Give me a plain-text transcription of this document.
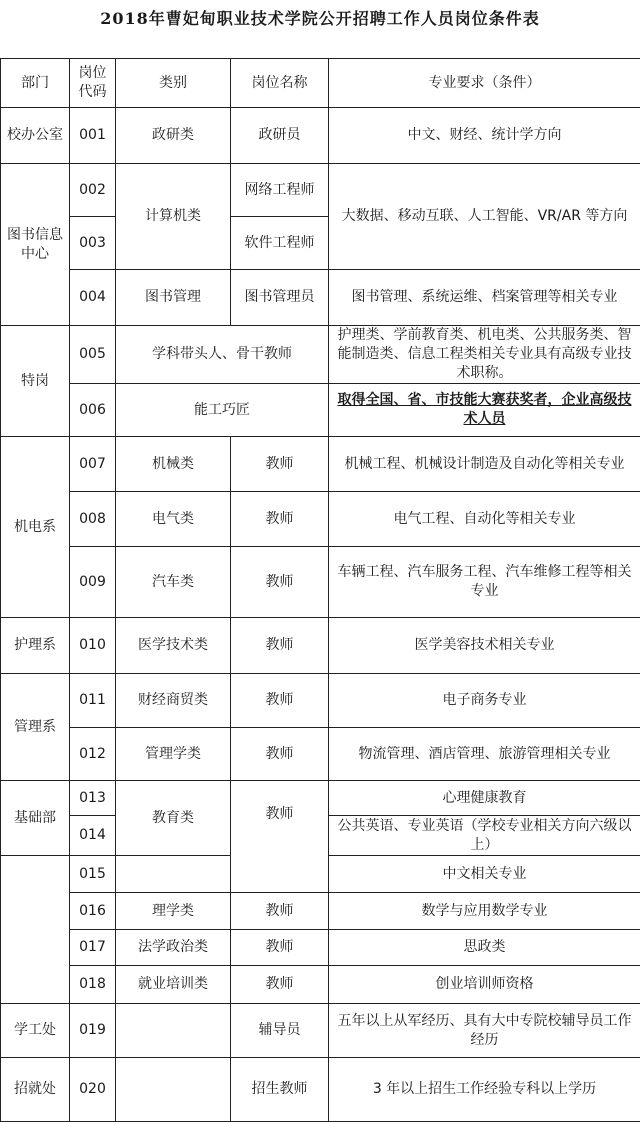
2018年曹妃甸职业技术学院公开招聘工作人员岗位条件表
部门	岗位代码	类别	岗位名称	专业要求（条件）
校办公室	001	政研类	政研员	中文、财经、统计学方向
图书信息中心	002	计算机类	网络工程师	大数据、移动互联、人工智能、VR/AR 等方向
	003		软件工程师	
	004	图书管理	图书管理员	图书管理、系统运维、档案管理等相关专业
特岗	005	学科带头人、骨干教师		护理类、学前教育类、机电类、公共服务类、智能制造类、信息工程类相关专业具有高级专业技术职称。
	006	能工巧匠		取得全国、省、市技能大赛获奖者，企业高级技术人员
机电系	007	机械类	教师	机械工程、机械设计制造及自动化等相关专业
	008	电气类	教师	电气工程、自动化等相关专业
	009	汽车类	教师	车辆工程、汽车服务工程、汽车维修工程等相关专业
护理系	010	医学技术类	教师	医学美容技术相关专业
管理系	011	财经商贸类	教师	电子商务专业
	012	管理学类	教师	物流管理、酒店管理、旅游管理相关专业
基础部	013	教育类	教师	心理健康教育
	014			公共英语、专业英语（学校专业相关方向六级以上）
	015			中文相关专业
	016	理学类	教师	数学与应用数学专业
	017	法学政治类	教师	思政类
	018	就业培训类	教师	创业培训师资格
学工处	019		辅导员	五年以上从军经历、具有大中专院校辅导员工作经历
招就处	020		招生教师	3 年以上招生工作经验专科以上学历
